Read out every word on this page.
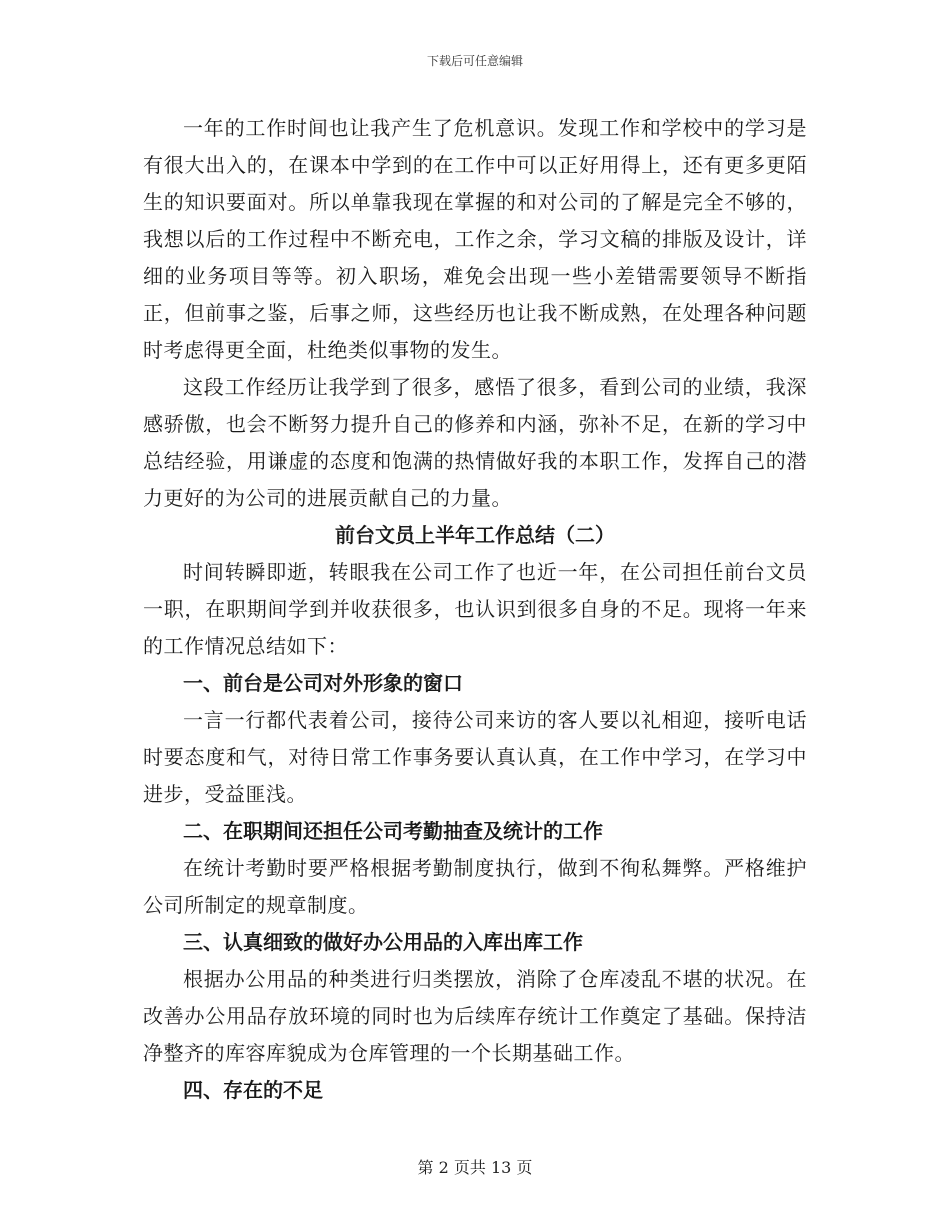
下载后可任意编辑

一年的工作时间也让我产生了危机意识。发现工作和学校中的学习是有很大出入的，在课本中学到的在工作中可以正好用得上，还有更多更陌生的知识要面对。所以单靠我现在掌握的和对公司的了解是完全不够的，我想以后的工作过程中不断充电，工作之余，学习文稿的排版及设计，详细的业务项目等等。初入职场，难免会出现一些小差错需要领导不断指正，但前事之鉴，后事之师，这些经历也让我不断成熟，在处理各种问题时考虑得更全面，杜绝类似事物的发生。

这段工作经历让我学到了很多，感悟了很多，看到公司的业绩，我深感骄傲，也会不断努力提升自己的修养和内涵，弥补不足，在新的学习中总结经验，用谦虚的态度和饱满的热情做好我的本职工作，发挥自己的潜力更好的为公司的进展贡献自己的力量。

前台文员上半年工作总结（二）

时间转瞬即逝，转眼我在公司工作了也近一年，在公司担任前台文员一职，在职期间学到并收获很多，也认识到很多自身的不足。现将一年来的工作情况总结如下：

一、前台是公司对外形象的窗口

一言一行都代表着公司，接待公司来访的客人要以礼相迎，接听电话时要态度和气，对待日常工作事务要认真认真，在工作中学习，在学习中进步，受益匪浅。

二、在职期间还担任公司考勤抽查及统计的工作

在统计考勤时要严格根据考勤制度执行，做到不徇私舞弊。严格维护公司所制定的规章制度。

三、认真细致的做好办公用品的入库出库工作

根据办公用品的种类进行归类摆放，消除了仓库凌乱不堪的状况。在改善办公用品存放环境的同时也为后续库存统计工作奠定了基础。保持洁净整齐的库容库貌成为仓库管理的一个长期基础工作。

四、存在的不足

第 2 页共 13 页
